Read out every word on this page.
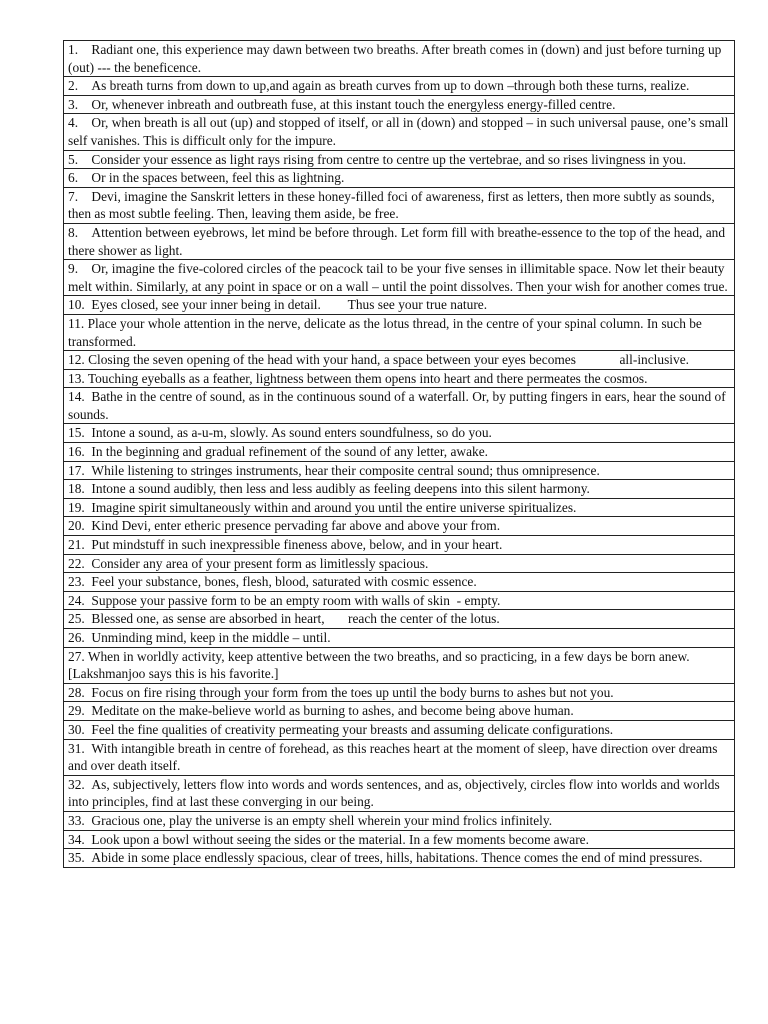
1.    Radiant one, this experience may dawn between two breaths. After breath comes in (down) and just before turning up (out) --- the beneficence.
2.    As breath turns from down to up,and again as breath curves from up to down –through both these turns, realize.
3.    Or, whenever inbreath and outbreath fuse, at this instant touch the energyless energy-filled centre.
4.    Or, when breath is all out (up) and stopped of itself, or all in (down) and stopped – in such universal pause, one’s small self vanishes. This is difficult only for the impure.
5.    Consider your essence as light rays rising from centre to centre up the vertebrae, and so rises livingness in you.
6.    Or in the spaces between, feel this as lightning.
7.    Devi, imagine the Sanskrit letters in these honey-filled foci of awareness, first as letters, then more subtly as sounds, then as most subtle feeling. Then, leaving them aside, be free.
8.    Attention between eyebrows, let mind be before through. Let form fill with breathe-essence to the top of the head, and there shower as light.
9.    Or, imagine the five-colored circles of the peacock tail to be your five senses in illimitable space. Now let their beauty melt within. Similarly, at any point in space or on a wall – until the point dissolves. Then your wish for another comes true.
10.  Eyes closed, see your inner being in detail.        Thus see your true nature.
11. Place your whole attention in the nerve, delicate as the lotus thread, in the centre of your spinal column. In such be transformed.
12. Closing the seven opening of the head with your hand, a space between your eyes becomes             all-inclusive.
13. Touching eyeballs as a feather, lightness between them opens into heart and there permeates the cosmos.
14.  Bathe in the centre of sound, as in the continuous sound of a waterfall. Or, by putting fingers in ears, hear the sound of sounds.
15.  Intone a sound, as a-u-m, slowly. As sound enters soundfulness, so do you.
16.  In the beginning and gradual refinement of the sound of any letter, awake.
17.  While listening to stringes instruments, hear their composite central sound; thus omnipresence.
18.  Intone a sound audibly, then less and less audibly as feeling deepens into this silent harmony.
19.  Imagine spirit simultaneously within and around you until the entire universe spiritualizes.
20.  Kind Devi, enter etheric presence pervading far above and above your from.
21.  Put mindstuff in such inexpressible fineness above, below, and in your heart.
22.  Consider any area of your present form as limitlessly spacious.
23.  Feel your substance, bones, flesh, blood, saturated with cosmic essence.
24.  Suppose your passive form to be an empty room with walls of skin  - empty.
25.  Blessed one, as sense are absorbed in heart,       reach the center of the lotus.
26.  Unminding mind, keep in the middle – until.
27. When in worldly activity, keep attentive between the two breaths, and so practicing, in a few days be born anew. [Lakshmanjoo says this is his favorite.]
28.  Focus on fire rising through your form from the toes up until the body burns to ashes but not you.
29.  Meditate on the make-believe world as burning to ashes, and become being above human.
30.  Feel the fine qualities of creativity permeating your breasts and assuming delicate configurations.
31.  With intangible breath in centre of forehead, as this reaches heart at the moment of sleep, have direction over dreams and over death itself.
32.  As, subjectively, letters flow into words and words sentences, and as, objectively, circles flow into worlds and worlds into principles, find at last these converging in our being.
33.  Gracious one, play the universe is an empty shell wherein your mind frolics infinitely.
34.  Look upon a bowl without seeing the sides or the material. In a few moments become aware.
35.  Abide in some place endlessly spacious, clear of trees, hills, habitations. Thence comes the end of mind pressures.
